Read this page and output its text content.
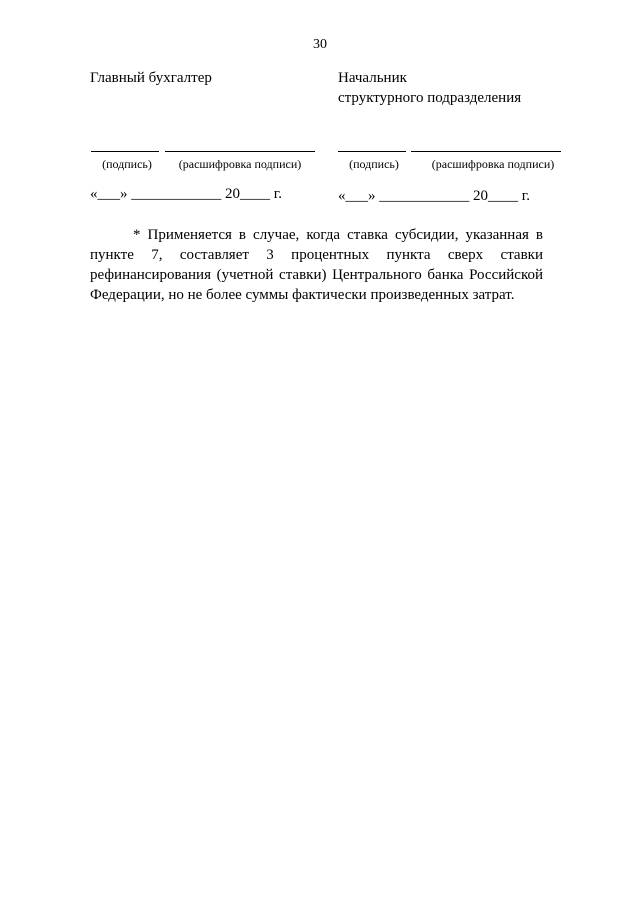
30
Главный бухгалтер
(подпись)	(расшифровка подписи)
«___» ____________ 20____ г.
Начальник
структурного подразделения
(подпись)	(расшифровка подписи)
«___» ____________ 20____ г.
* Применяется в случае, когда ставка субсидии, указанная в пункте 7, составляет 3 процентных пункта сверх ставки рефинансирования (учетной ставки) Центрального банка Российской Федерации, но не более суммы фактически произведенных затрат.
